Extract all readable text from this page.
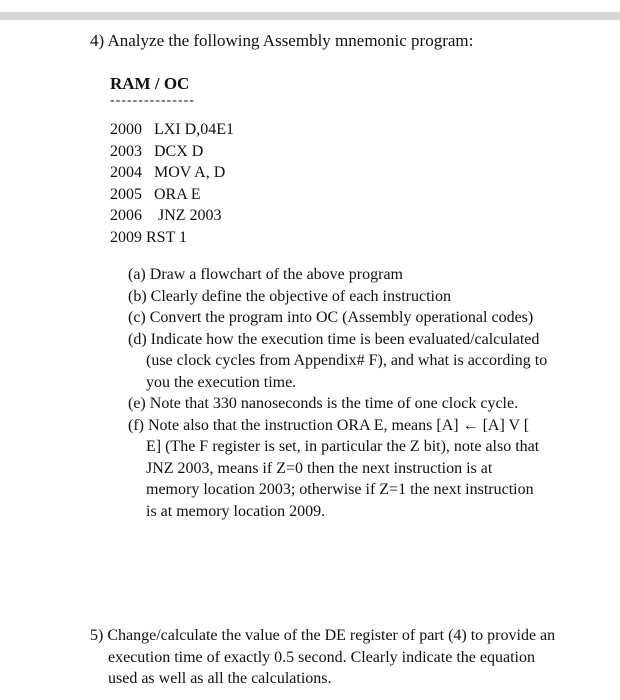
4) Analyze the following Assembly mnemonic program:
RAM / OC
---------------
2000   LXI D,04E1
2003   DCX D
2004   MOV A, D
2005   ORA E
2006    JNZ 2003
2009 RST 1
(a) Draw a flowchart of the above program
(b) Clearly define the objective of each instruction
(c) Convert the program into OC (Assembly operational codes)
(d) Indicate how the execution time is been evaluated/calculated (use clock cycles from Appendix# F), and what is according to you the execution time.
(e) Note that 330 nanoseconds is the time of one clock cycle.
(f) Note also that the instruction ORA E, means [A] ← [A] V [ E] (The F register is set, in particular the Z bit), note also that JNZ 2003, means if Z=0 then the next instruction is at
memory location 2003; otherwise if Z=1 the next instruction is at memory location 2009.
5) Change/calculate the value of the DE register of part (4) to provide an execution time of exactly 0.5 second. Clearly indicate the equation used as well as all the calculations.
